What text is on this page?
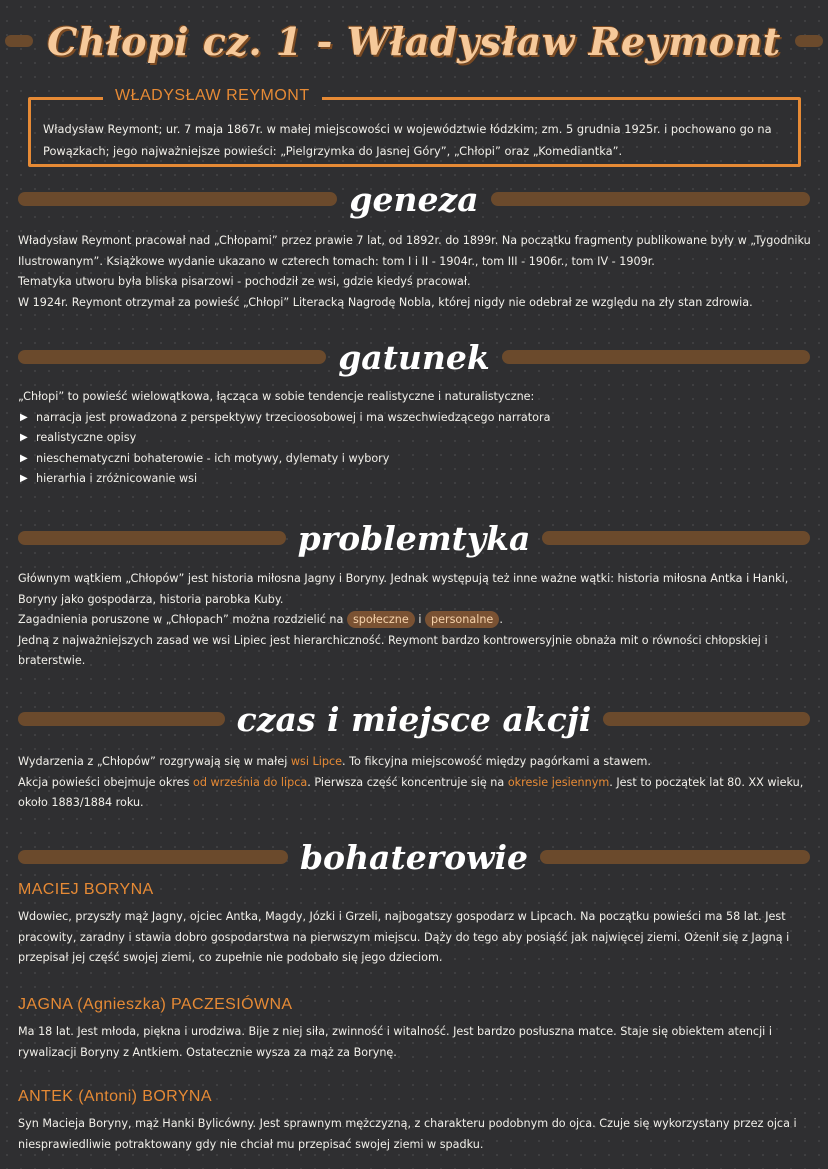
Chłopi cz. 1 - Władysław Reymont
WŁADYSŁAW REYMONT
Władysław Reymont; ur. 7 maja 1867r. w małej miejscowości w województwie łódzkim; zm. 5 grudnia 1925r. i pochowano go na Powązkach; jego najważniejsze powieści: „Pielgrzymka do Jasnej Góry”, „Chłopi” oraz „Komediantka”.
geneza

Władysław Reymont pracował nad „Chłopami” przez prawie 7 lat, od 1892r. do 1899r. Na początku fragmenty publikowane były w „Tygodniku Ilustrowanym”. Książkowe wydanie ukazano w czterech tomach: tom I i II - 1904r., tom III - 1906r., tom IV - 1909r.

Tematyka utworu była bliska pisarzowi - pochodził ze wsi, gdzie kiedyś pracował.

W 1924r. Reymont otrzymał za powieść „Chłopi” Literacką Nagrodę Nobla, której nigdy nie odebrał ze względu na zły stan zdrowia.

gatunek

„Chłopi” to powieść wielowątkowa, łącząca w sobie tendencje realistyczne i naturalistyczne:

▶ narracja jest prowadzona z perspektywy trzecioosobowej i ma wszechwiedzącego narratora
▶ realistyczne opisy
▶ nieschematyczni bohaterowie - ich motywy, dylematy i wybory
▶ hierarhia i zróżnicowanie wsi
problemtyka

Głównym wątkiem „Chłopów” jest historia miłosna Jagny i Boryny. Jednak występują też inne ważne wątki: historia miłosna Antka i Hanki, Boryny jako gospodarza, historia parobka Kuby.

Zagadnienia poruszone w „Chłopach” można rozdzielić na społeczne i personalne .

Jedną z najważniejszych zasad we wsi Lipiec jest hierarchiczność. Reymont bardzo kontrowersyjnie obnaża mit o równości chłopskiej i braterstwie.

czas i miejsce akcji

Wydarzenia z „Chłopów” rozgrywają się w małej wsi Lipce. To fikcyjna miejscowość między pagórkami a stawem.

Akcja powieści obejmuje okres od września do lipca. Pierwsza część koncentruje się na okresie jesiennym. Jest to początek lat 80. XX wieku, około 1883/1884 roku.

bohaterowie
MACIEJ BORYNA
Wdowiec, przyszły mąż Jagny, ojciec Antka, Magdy, Józki i Grzeli, najbogatszy gospodarz w Lipcach. Na początku powieści ma 58 lat. Jest pracowity, zaradny i stawia dobro gospodarstwa na pierwszym miejscu. Dąży do tego aby posiąść jak najwięcej ziemi. Ożenił się z Jagną i przepisał jej część swojej ziemi, co zupełnie nie podobało się jego dzieciom.
JAGNA (Agnieszka) PACZESIÓWNA
Ma 18 lat. Jest młoda, piękna i urodziwa. Bije z niej siła, zwinność i witalność. Jest bardzo posłuszna matce. Staje się obiektem atencji i rywalizacji Boryny z Antkiem. Ostatecznie wysza za mąż za Borynę.
ANTEK (Antoni) BORYNA
Syn Macieja Boryny, mąż Hanki Bylicówny. Jest sprawnym mężczyzną, z charakteru podobnym do ojca. Czuje się wykorzystany przez ojca i niesprawiedliwie potraktowany gdy nie chciał mu przepisać swojej ziemi w spadku.
